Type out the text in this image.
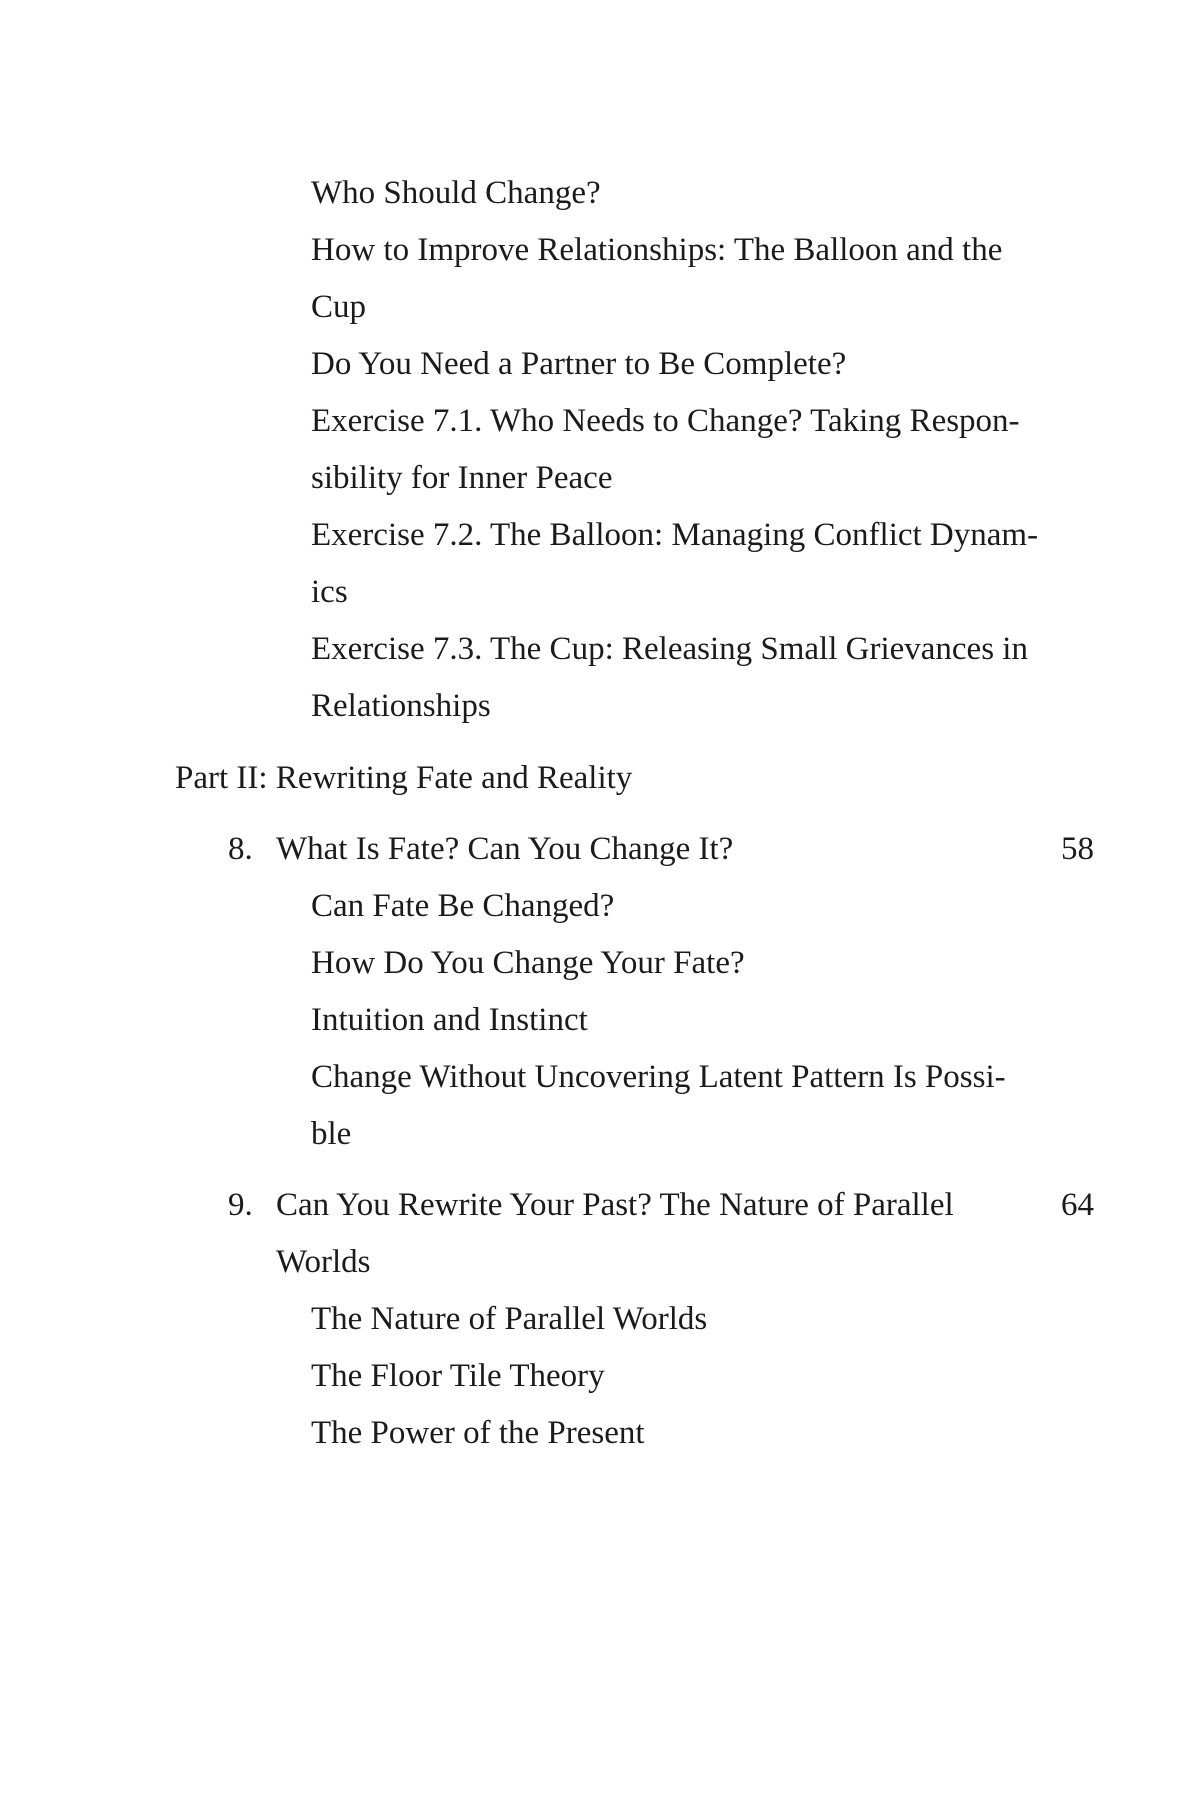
Who Should Change?
How to Improve Relationships: The Balloon and the
Cup
Do You Need a Partner to Be Complete?
Exercise 7.1. Who Needs to Change? Taking Respon-
sibility for Inner Peace
Exercise 7.2. The Balloon: Managing Conflict Dynam-
ics
Exercise 7.3. The Cup: Releasing Small Grievances in
Relationships
Part II: Rewriting Fate and Reality
8. What Is Fate? Can You Change It?	58
Can Fate Be Changed?
How Do You Change Your Fate?
Intuition and Instinct
Change Without Uncovering Latent Pattern Is Possi-
ble
9. Can You Rewrite Your Past? The Nature of Parallel	64
Worlds
The Nature of Parallel Worlds
The Floor Tile Theory
The Power of the Present
